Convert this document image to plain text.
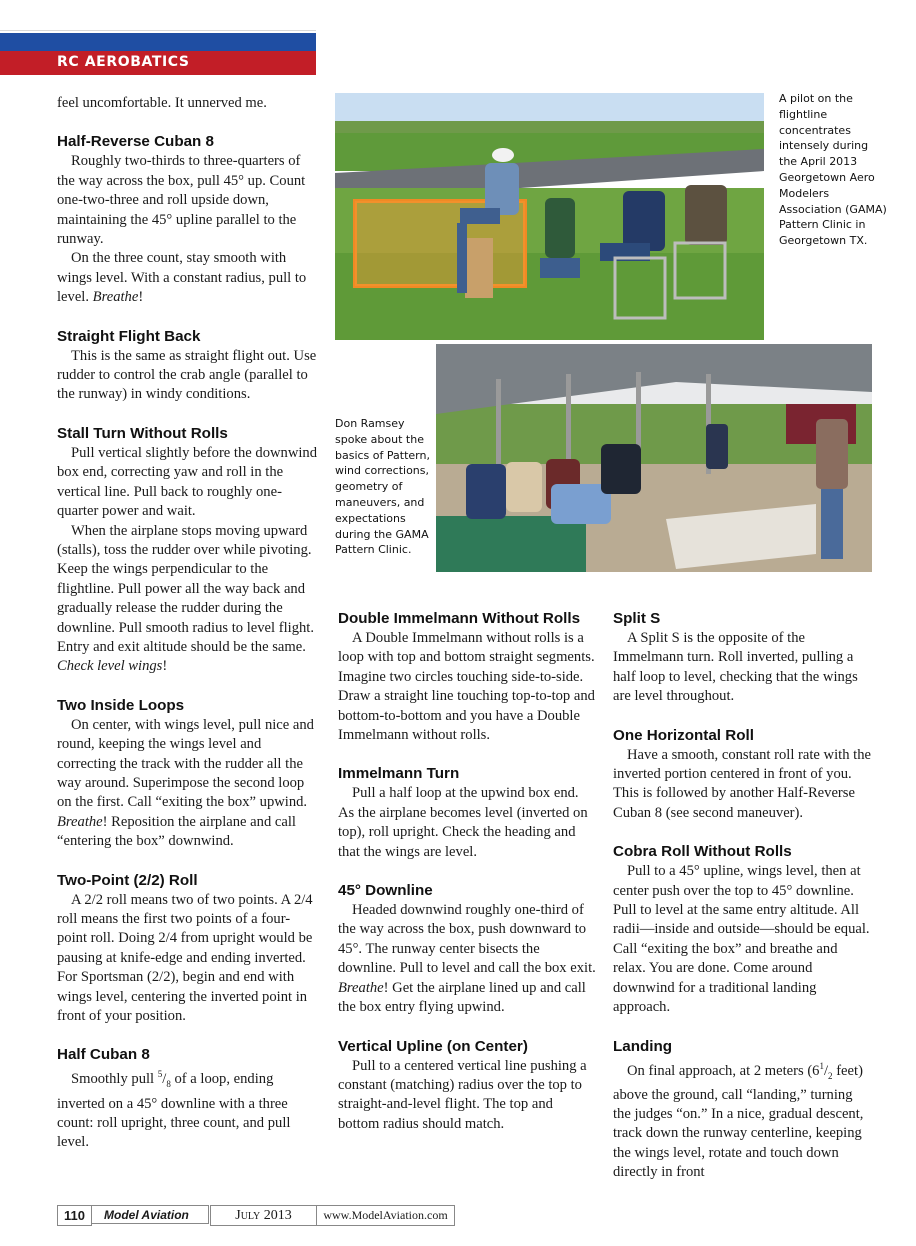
RC AEROBATICS

feel uncomfortable. It unnerved me.

Half-Reverse Cuban 8

Roughly two-thirds to three-quarters of the way across the box, pull 45° up. Count one-two-three and roll upside down, maintaining the 45° upline parallel to the runway.

On the three count, stay smooth with wings level. With a constant radius, pull to level. Breathe!

Straight Flight Back

This is the same as straight flight out. Use rudder to control the crab angle (parallel to the runway) in windy conditions.

Stall Turn Without Rolls

Pull vertical slightly before the downwind box end, correcting yaw and roll in the vertical line. Pull back to roughly one-quarter power and wait.

When the airplane stops moving upward (stalls), toss the rudder over while pivoting. Keep the wings perpendicular to the flightline. Pull power all the way back and gradually release the rudder during the downline. Pull smooth radius to level flight. Entry and exit altitude should be the same. Check level wings!

Two Inside Loops

On center, with wings level, pull nice and round, keeping the wings level and correcting the track with the rudder all the way around. Superimpose the second loop on the first. Call “exiting the box” upwind. Breathe! Reposition the airplane and call “entering the box” downwind.

Two-Point (2/2) Roll

A 2/2 roll means two of two points. A 2/4 roll means the first two points of a four-point roll. Doing 2/4 from upright would be pausing at knife-edge and ending inverted. For Sportsman (2/2), begin and end with wings level, centering the inverted point in front of your position.

Half Cuban 8

Smoothly pull $^5/_8$ of a loop, ending inverted on a 45° downline with a three count: roll upright, three count, and pull level.

A pilot on the flightline concentrates intensely during the April 2013 Georgetown Aero Modelers Association (GAMA) Pattern Clinic in Georgetown TX.
Don Ramsey spoke about the basics of Pattern, wind corrections, geometry of maneuvers, and expectations during the GAMA Pattern Clinic.

Double Immelmann Without Rolls

A Double Immelmann without rolls is a loop with top and bottom straight segments. Imagine two circles touching side-to-side. Draw a straight line touching top-to-top and bottom-to-bottom and you have a Double Immelmann without rolls.

Immelmann Turn

Pull a half loop at the upwind box end. As the airplane becomes level (inverted on top), roll upright. Check the heading and that the wings are level.

45° Downline

Headed downwind roughly one-third of the way across the box, push downward to 45°. The runway center bisects the downline. Pull to level and call the box exit. Breathe! Get the airplane lined up and call the box entry flying upwind.

Vertical Upline (on Center)

Pull to a centered vertical line pushing a constant (matching) radius over the top to straight-and-level flight. The top and bottom radius should match.

Split S

A Split S is the opposite of the Immelmann turn. Roll inverted, pulling a half loop to level, checking that the wings are level throughout.

One Horizontal Roll

Have a smooth, constant roll rate with the inverted portion centered in front of you. This is followed by another Half-Reverse Cuban 8 (see second maneuver).

Cobra Roll Without Rolls

Pull to a 45° upline, wings level, then at center push over the top to 45° downline. Pull to level at the same entry altitude. All radii—inside and outside—should be equal. Call “exiting the box” and breathe and relax. You are done. Come around downwind for a traditional landing approach.

Landing

On final approach, at 2 meters ($6^1/_2$ feet) above the ground, call “landing,” turning the judges “on.” In a nice, gradual descent, track down the runway centerline, keeping the wings level, rotate and touch down directly in front

110	Model Aviation	July 2013	www.ModelAviation.com
